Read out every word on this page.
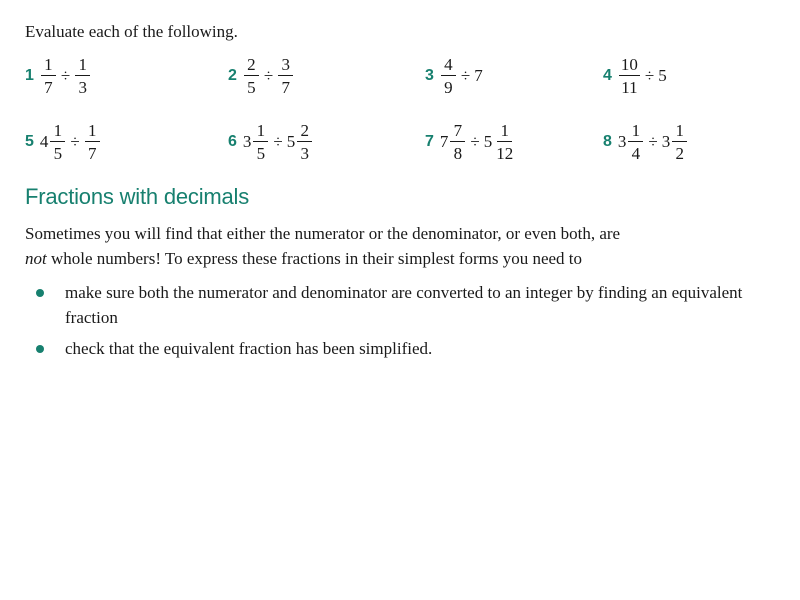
Evaluate each of the following.
$1 \frac{1}{7} \div \frac{1}{3}$	$2 \frac{2}{5} \div \frac{3}{7}$	$3 \frac{4}{9} \div 7$	$4 \frac{10}{11} \div 5$
5 $4 \frac{1}{5} \div \frac{1}{7}$	6 $3 \frac{1}{5} \div 5 \frac{2}{3}$	7 $7 \frac{7}{8} \div 5 \frac{1}{12}$	8 $3 \frac{1}{4} \div 3 \frac{1}{2}$
Fractions with decimals
Sometimes you will find that either the numerator or the denominator, or even both, are
not whole numbers! To express these fractions in their simplest forms you need to
make sure both the numerator and denominator are converted to an integer by finding an equivalent fraction
check that the equivalent fraction has been simplified.
